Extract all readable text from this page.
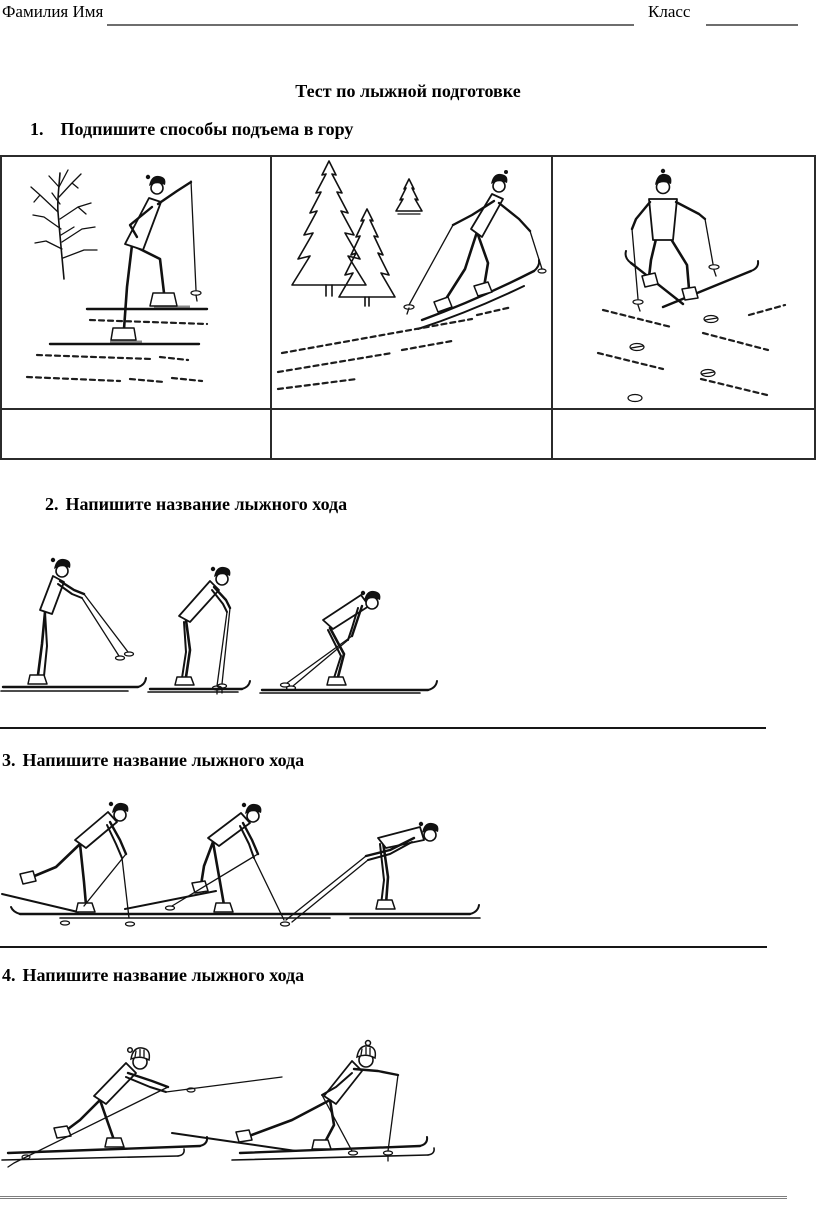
Фамилия Имя	Класс
Тест по лыжной подготовке
1. Подпишите способы подъема в гору

2. Напишите название лыжного хода
3. Напишите название лыжного хода
4. Напишите название лыжного хода
